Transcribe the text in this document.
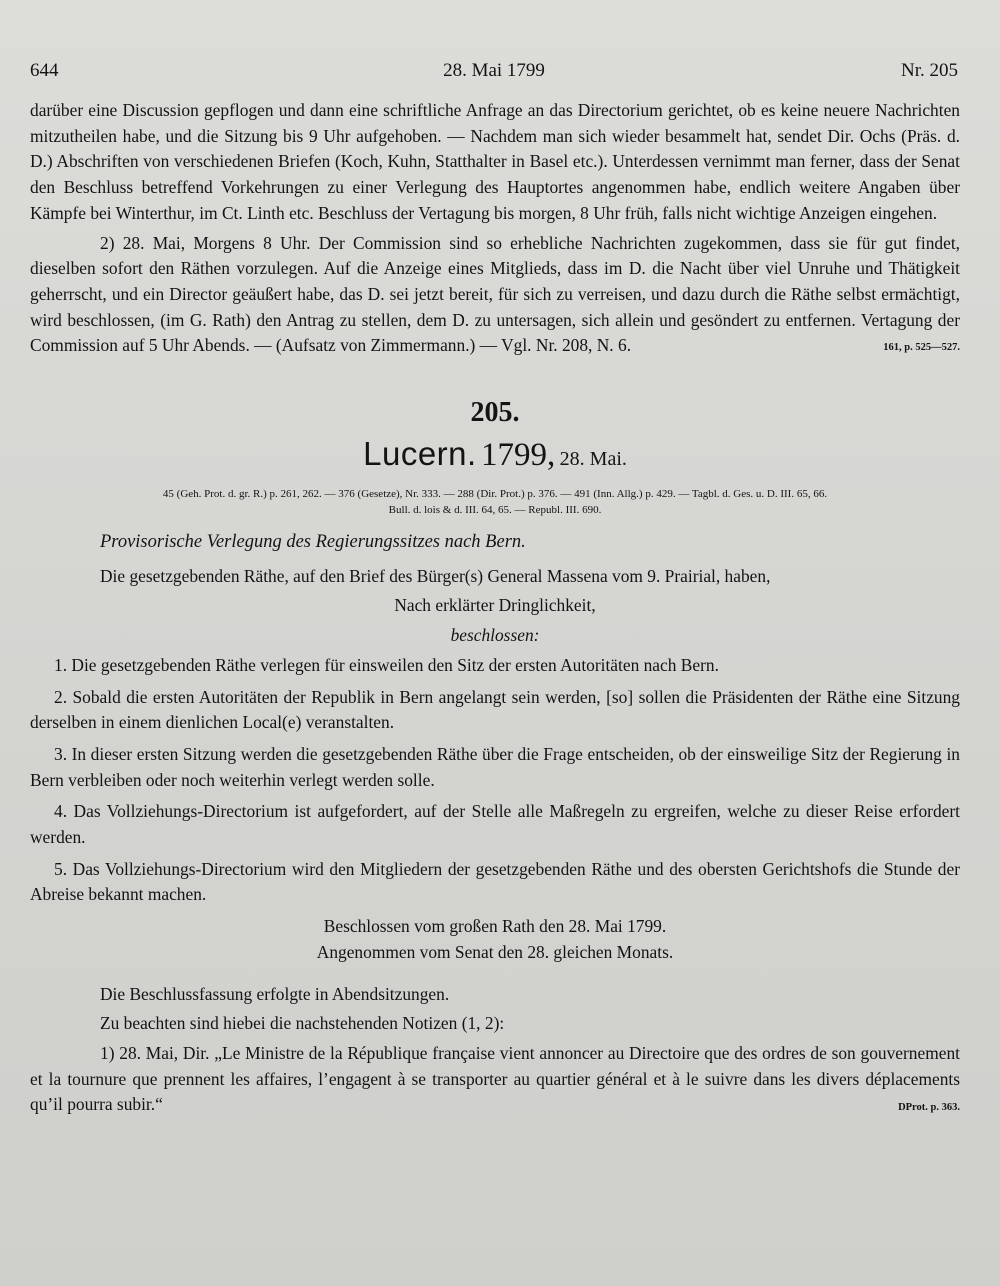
644	28. Mai 1799	Nr. 205

darüber eine Discussion gepflogen und dann eine schriftliche Anfrage an das Directorium gerichtet, ob es keine neuere Nachrichten mitzutheilen habe, und die Sitzung bis 9 Uhr aufgehoben. — Nachdem man sich wieder besammelt hat, sendet Dir. Ochs (Präs. d. D.) Abschriften von verschiedenen Briefen (Koch, Kuhn, Statthalter in Basel etc.). Unterdessen vernimmt man ferner, dass der Senat den Beschluss betreffend Vorkehrungen zu einer Verlegung des Hauptortes angenommen habe, endlich weitere Angaben über Kämpfe bei Winterthur, im Ct. Linth etc. Beschluss der Vertagung bis morgen, 8 Uhr früh, falls nicht wichtige Anzeigen eingehen.

2) 28. Mai, Morgens 8 Uhr. Der Commission sind so erhebliche Nachrichten zugekommen, dass sie für gut findet, dieselben sofort den Räthen vorzulegen. Auf die Anzeige eines Mitglieds, dass im D. die Nacht über viel Unruhe und Thätigkeit geherrscht, und ein Director geäußert habe, das D. sei jetzt bereit, für sich zu verreisen, und dazu durch die Räthe selbst ermächtigt, wird beschlossen, (im G. Rath) den Antrag zu stellen, dem D. zu untersagen, sich allein und gesöndert zu entfernen. Vertagung der Commission auf 5 Uhr Abends. — (Aufsatz von Zimmermann.) — Vgl. Nr. 208, N. 6.	161, p. 525—527.

205.
Lucern. 1799, 28. Mai.
45 (Geh. Prot. d. gr. R.) p. 261, 262. — 376 (Gesetze), Nr. 333. — 288 (Dir. Prot.) p. 376. — 491 (Inn. Allg.) p. 429. — Tagbl. d. Ges. u. D. III. 65, 66.
Bull. d. lois & d. III. 64, 65. — Republ. III. 690.
Provisorische Verlegung des Regierungssitzes nach Bern.

Die gesetzgebenden Räthe, auf den Brief des Bürger(s) General Massena vom 9. Prairial, haben,

Nach erklärter Dringlichkeit,

beschlossen:

1. Die gesetzgebenden Räthe verlegen für einsweilen den Sitz der ersten Autoritäten nach Bern.

2. Sobald die ersten Autoritäten der Republik in Bern angelangt sein werden, [so] sollen die Präsidenten der Räthe eine Sitzung derselben in einem dienlichen Local(e) veranstalten.

3. In dieser ersten Sitzung werden die gesetzgebenden Räthe über die Frage entscheiden, ob der einsweilige Sitz der Regierung in Bern verbleiben oder noch weiterhin verlegt werden solle.

4. Das Vollziehungs-Directorium ist aufgefordert, auf der Stelle alle Maßregeln zu ergreifen, welche zu dieser Reise erfordert werden.

5. Das Vollziehungs-Directorium wird den Mitgliedern der gesetzgebenden Räthe und des obersten Gerichtshofs die Stunde der Abreise bekannt machen.

Beschlossen vom großen Rath den 28. Mai 1799.

Angenommen vom Senat den 28. gleichen Monats.

Die Beschlussfassung erfolgte in Abendsitzungen.

Zu beachten sind hiebei die nachstehenden Notizen (1, 2):

1) 28. Mai, Dir. „Le Ministre de la République française vient annoncer au Directoire que des ordres de son gouvernement et la tournure que prennent les affaires, l’engagent à se transporter au quartier général et à le suivre dans les divers déplacements qu’il pourra subir.“	DProt. p. 363.
